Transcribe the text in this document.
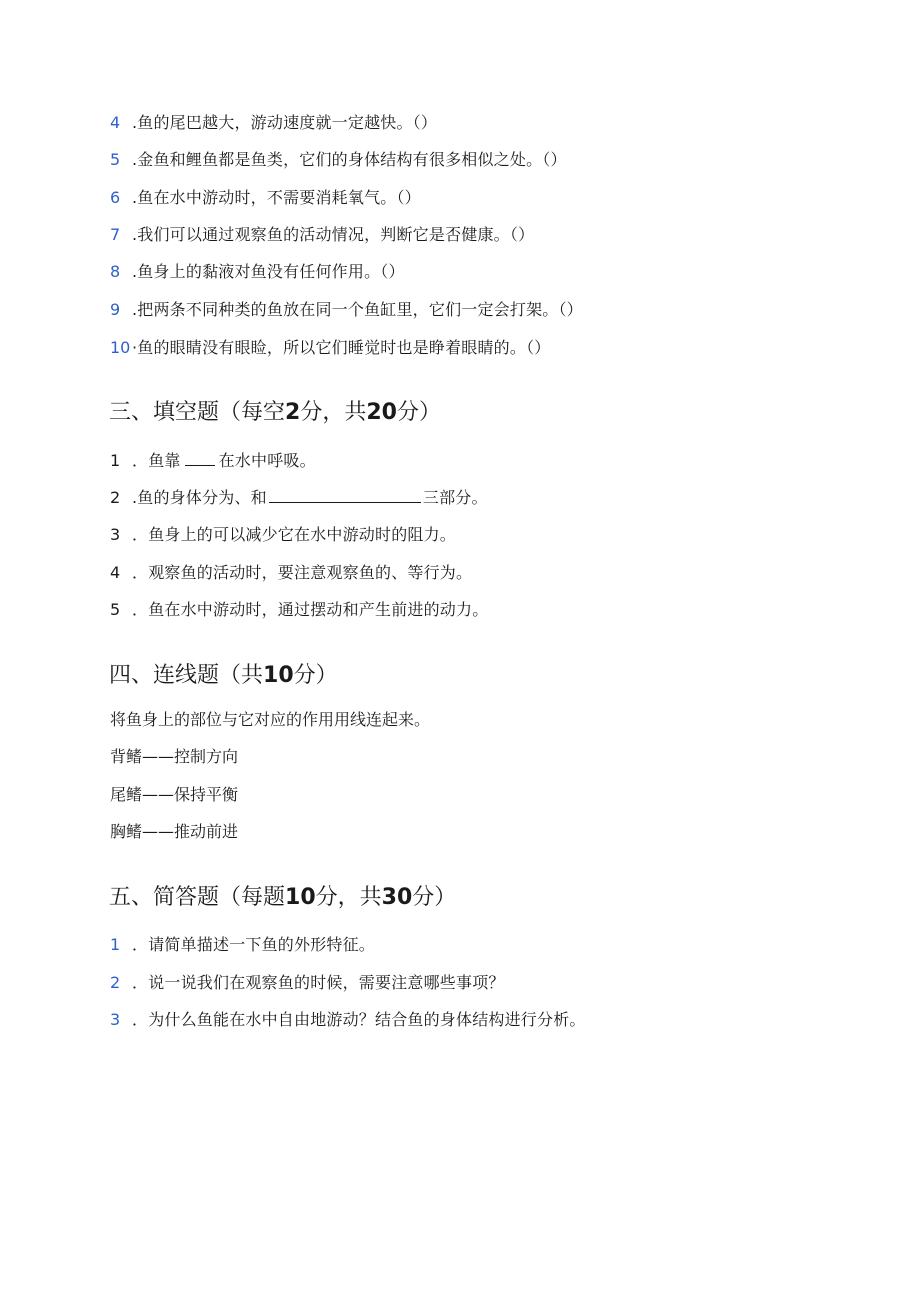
4 .鱼的尾巴越大，游动速度就一定越快。（）
5 .金鱼和鲤鱼都是鱼类，它们的身体结构有很多相似之处。（）
6 .鱼在水中游动时，不需要消耗氧气。（）
7 .我们可以通过观察鱼的活动情况，判断它是否健康。（）
8 .鱼身上的黏液对鱼没有任何作用。（）
9 .把两条不同种类的鱼放在同一个鱼缸里，它们一定会打架。（）
10 ·鱼的眼睛没有眼睑，所以它们睡觉时也是睁着眼睛的。（）
三、填空题（每空2分，共20分）
1 ．鱼靠 在水中呼吸。
2 .鱼的身体分为、和	三部分。
3 ．鱼身上的可以减少它在水中游动时的阻力。
4 ．观察鱼的活动时，要注意观察鱼的、等行为。
5 ．鱼在水中游动时，通过摆动和产生前进的动力。
四、连线题（共10分）
将鱼身上的部位与它对应的作用用线连起来。
背鳍——控制方向
尾鳍——保持平衡
胸鳍——推动前进
五、简答题（每题10分，共30分）
1 ．请简单描述一下鱼的外形特征。
2 ．说一说我们在观察鱼的时候，需要注意哪些事项？
3 ．为什么鱼能在水中自由地游动？结合鱼的身体结构进行分析。
